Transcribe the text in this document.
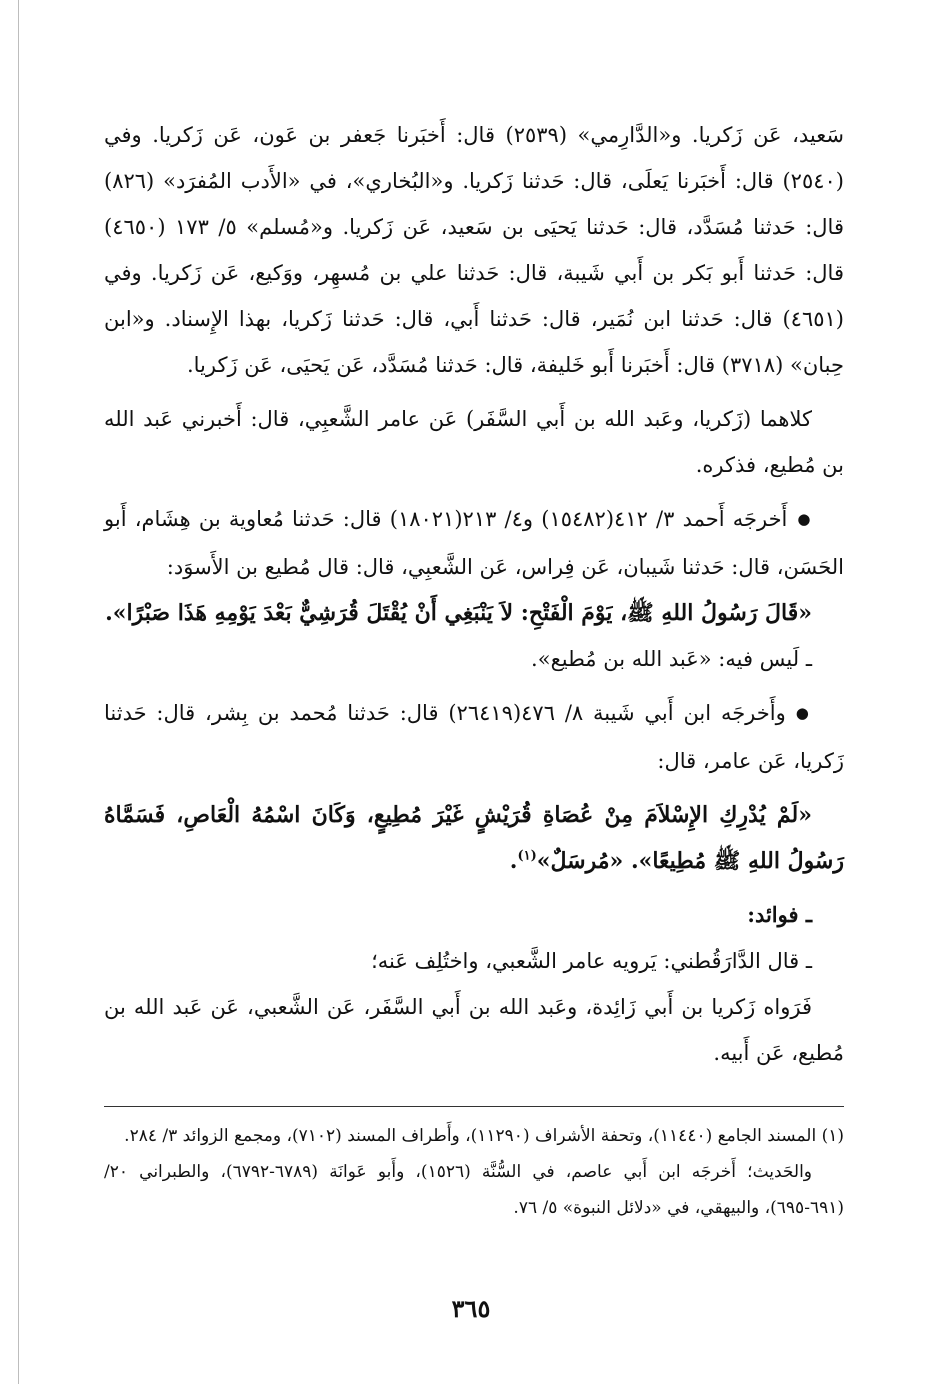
سَعيد، عَن زَكريا. و«الدَّارِمي» (٢٥٣٩) قال: أَخبَرنا جَعفر بن عَون، عَن زَكريا. وفي (٢٥٤٠) قال: أَخبَرنا يَعلَى، قال: حَدثنا زَكريا. و«البُخاري»، في «الأَدب المُفرَد» (٨٢٦) قال: حَدثنا مُسَدَّد، قال: حَدثنا يَحيَى بن سَعيد، عَن زَكريا. و«مُسلم» ٥/ ١٧٣ (٤٦٥٠) قال: حَدثنا أَبو بَكر بن أَبي شَيبة، قال: حَدثنا علي بن مُسهِر، ووَكيع، عَن زَكريا. وفي (٤٦٥١) قال: حَدثنا ابن نُمَير، قال: حَدثنا أَبي، قال: حَدثنا زَكريا، بهذا الإِسناد. و«ابن حِبان» (٣٧١٨) قال: أَخبَرنا أَبو خَليفة، قال: حَدثنا مُسَدَّد، عَن يَحيَى، عَن زَكريا.

كلاهما (زَكريا، وعَبد الله بن أَبي السَّفَر) عَن عامر الشَّعبِي، قال: أَخبرني عَبد الله بن مُطيع، فذكره.

● أَخرجَه أَحمد ٣/ ٤١٢(١٥٤٨٢) و٤/ ٢١٣(١٨٠٢١) قال: حَدثنا مُعاوية بن هِشَام، أَبو الحَسَن، قال: حَدثنا شَيبان، عَن فِراس، عَن الشَّعبِي، قال: قال مُطيع بن الأَسوَد:

«قَالَ رَسُولُ اللهِ ﷺ، يَوْمَ الْفَتْحِ: لاَ يَنْبَغِي أَنْ يُقْتَلَ قُرَشِيٌّ بَعْدَ يَوْمِهِ هَذَا صَبْرًا».

ـ لَيس فيه: «عَبد الله بن مُطيع».

● وأَخرجَه ابن أَبي شَيبة ٨/ ٤٧٦(٢٦٤١٩) قال: حَدثنا مُحمد بن بِشر، قال: حَدثنا زَكريا، عَن عامر، قال:

«لَمْ يُدْرِكِ الإِسْلاَمَ مِنْ عُصَاةِ قُرَيْشٍ غَيْرَ مُطِيعٍ، وَكَانَ اسْمُهُ الْعَاصِ، فَسَمَّاهُ رَسُولُ اللهِ ﷺ مُطِيعًا». «مُرسَلٌ»$^{(١)}$.

ـ فوائد:

ـ قال الدَّارَقُطني: يَرويه عامر الشَّعبي، واختُلِف عَنه؛

فَرَواه زَكريا بن أَبي زَائِدة، وعَبد الله بن أَبي السَّفَر، عَن الشَّعبي، عَن عَبد الله بن مُطيع، عَن أَبيه.

(١) المسند الجامع (١١٤٤٠)، وتحفة الأشراف (١١٢٩٠)، وأَطراف المسند (٧١٠٢)، ومجمع الزوائد ٣/ ٢٨٤.

والحَديث؛ أَخرجَه ابن أَبي عاصم، في السُّنَّة (١٥٢٦)، وأَبو عَوانَة (٦٧٨٩-٦٧٩٢)، والطبراني ٢٠/ (٦٩١-٦٩٥)، والبيهقي، في «دلائل النبوة» ٥/ ٧٦.

٣٦٥
